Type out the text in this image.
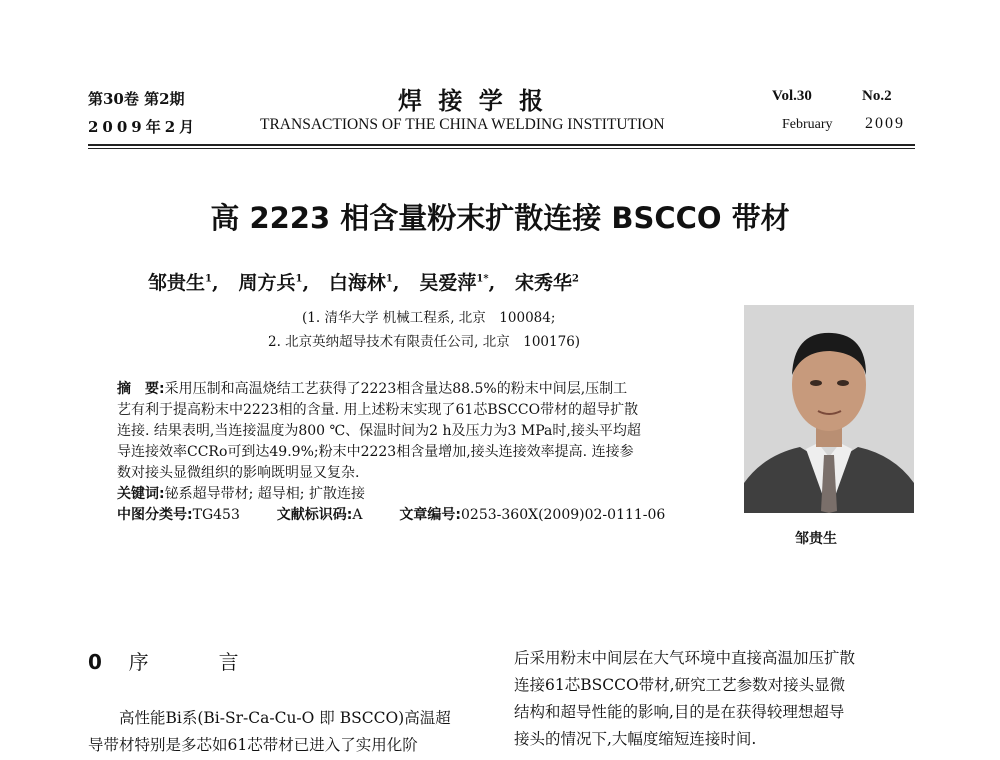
第30卷 第2期
2009年2月
焊 接 学 报
TRANSACTIONS OF THE CHINA WELDING INSTITUTION
Vol.30	No.2
February 2009
高 2223 相含量粉末扩散连接 BSCCO 带材
邹贵生$^1$,   周方兵$^1$,   白海林$^1$,   吴爱萍$^{1*}$,   宋秀华$^2$
(1. 清华大学 机械工程系, 北京　100084;
2. 北京英纳超导技术有限责任公司, 北京　100176)
摘　要:采用压制和高温烧结工艺获得了2223相含量达88.5%的粉末中间层,压制工
艺有利于提高粉末中2223相的含量. 用上述粉末实现了61芯BSCCO带材的超导扩散
连接. 结果表明,当连接温度为800 ℃、保温时间为2 h及压力为3 MPa时,接头平均超
导连接效率CCRo可到达49.9%;粉末中2223相含量增加,接头连接效率提高. 连接参
数对接头显微组织的影响既明显又复杂.
关键词:铋系超导带材; 超导相; 扩散连接
中图分类号:TG453	文献标识码:A	文章编号:0253-360X(2009)02-0111-06
邹贵生
0 序　　言
高性能Bi系(Bi-Sr-Ca-Cu-O 即 BSCCO)高温超
导带材特别是多芯如61芯带材已进入了实用化阶
后采用粉末中间层在大气环境中直接高温加压扩散
连接61芯BSCCO带材,研究工艺参数对接头显微
结构和超导性能的影响,目的是在获得较理想超导
接头的情况下,大幅度缩短连接时间.
